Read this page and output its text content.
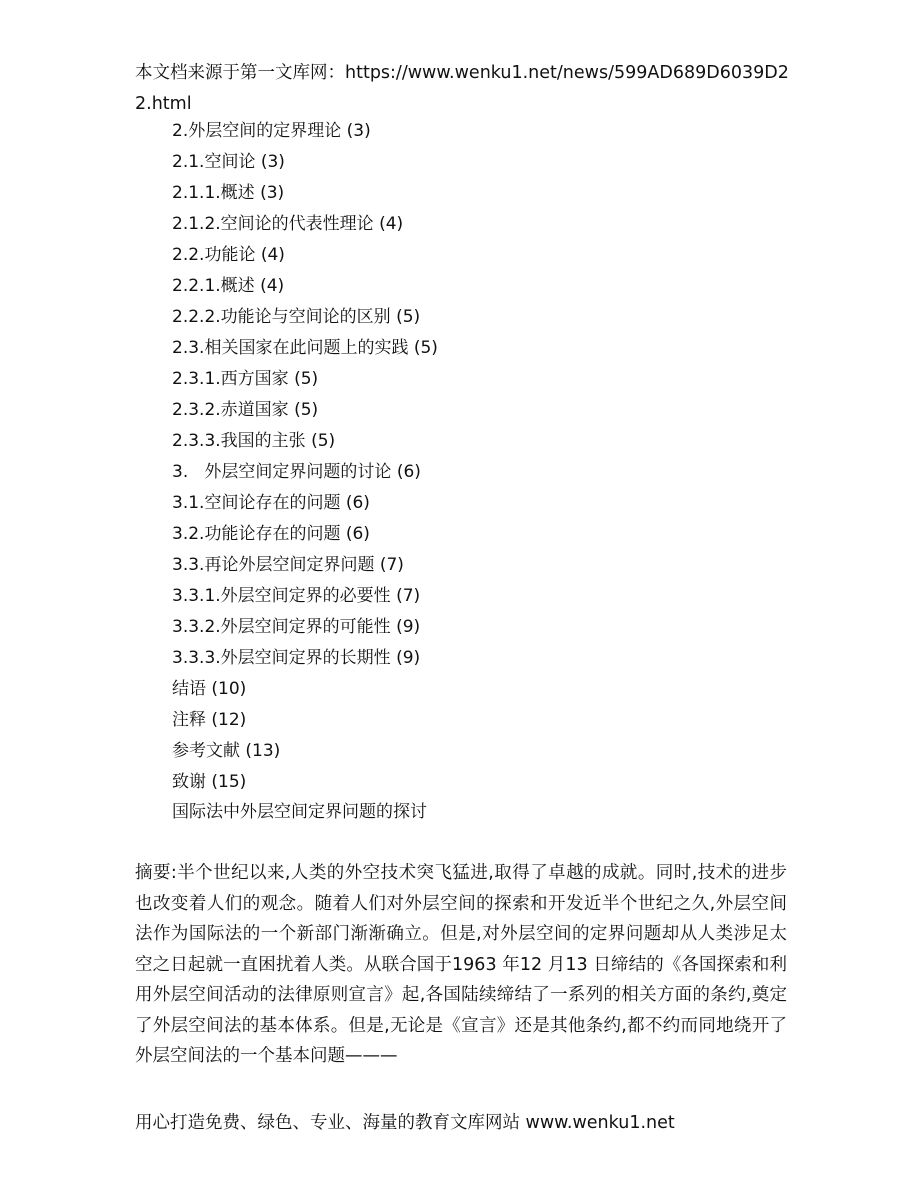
本文档来源于第一文库网：https://www.wenku1.net/news/599AD689D6039D22.html
2.外层空间的定界理论 (3)
2.1.空间论 (3)
2.1.1.概述 (3)
2.1.2.空间论的代表性理论 (4)
2.2.功能论 (4)
2.2.1.概述 (4)
2.2.2.功能论与空间论的区别 (5)
2.3.相关国家在此问题上的实践 (5)
2.3.1.西方国家 (5)
2.3.2.赤道国家 (5)
2.3.3.我国的主张 (5)
3.   外层空间定界问题的讨论 (6)
3.1.空间论存在的问题 (6)
3.2.功能论存在的问题 (6)
3.3.再论外层空间定界问题 (7)
3.3.1.外层空间定界的必要性 (7)
3.3.2.外层空间定界的可能性 (9)
3.3.3.外层空间定界的长期性 (9)
结语 (10)
注释 (12)
参考文献 (13)
致谢 (15)
国际法中外层空间定界问题的探讨
摘要:半个世纪以来,人类的外空技术突飞猛进,取得了卓越的成就。同时,技术的进步也改变着人们的观念。随着人们对外层空间的探索和开发近半个世纪之久,外层空间法作为国际法的一个新部门渐渐确立。但是,对外层空间的定界问题却从人类涉足太空之日起就一直困扰着人类。从联合国于1963 年12 月13 日缔结的《各国探索和利用外层空间活动的法律原则宣言》起,各国陆续缔结了一系列的相关方面的条约,奠定了外层空间法的基本体系。但是,无论是《宣言》还是其他条约,都不约而同地绕开了外层空间法的一个基本问题———
用心打造免费、绿色、专业、海量的教育文库网站 www.wenku1.net
